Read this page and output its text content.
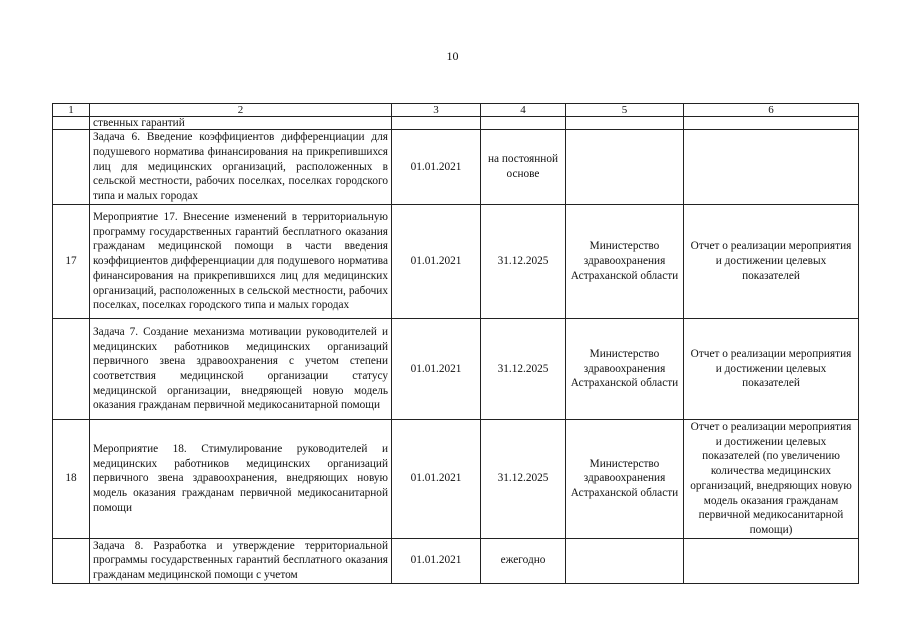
10
1	2	3	4	5	6
	ственных гарантий				
	Задача 6. Введение коэффициентов дифференциации для подушевого норматива финансирования на прикрепившихся лиц для медицинских организаций, расположенных в сельской местности, рабочих поселках, поселках городского типа и малых городах	01.01.2021	на постоянной основе		
17	Мероприятие 17. Внесение изменений в территориальную программу государственных гарантий бесплатного оказания гражданам медицинской помощи в части введения коэффициентов дифференциации для подушевого норматива финансирования на прикрепившихся лиц для медицинских организаций, расположенных в сельской местности, рабочих поселках, поселках городского типа и малых городах	01.01.2021	31.12.2025	Министерство здравоохранения Астраханской области	Отчет о реализации мероприятия и достижении целевых показателей
	Задача 7. Создание механизма мотивации руководителей и медицинских работников медицинских организаций первичного звена здравоохранения с учетом степени соответствия медицинской организации статусу медицинской организации, внедряющей новую модель оказания гражданам первичной медикосанитарной помощи	01.01.2021	31.12.2025	Министерство здравоохранения Астраханской области	Отчет о реализации мероприятия и достижении целевых показателей
18	Мероприятие 18. Стимулирование руководителей и медицинских работников медицинских организаций первичного звена здравоохранения, внедряющих новую модель оказания гражданам первичной медикосанитарной помощи	01.01.2021	31.12.2025	Министерство здравоохранения Астраханской области	Отчет о реализации мероприятия и достижении целевых показателей (по увеличению количества медицинских организаций, внедряющих новую модель оказания гражданам первичной медикосанитарной помощи)
	Задача 8. Разработка и утверждение территориальной программы государственных гарантий бесплатного оказания гражданам медицинской помощи с учетом	01.01.2021	ежегодно		
